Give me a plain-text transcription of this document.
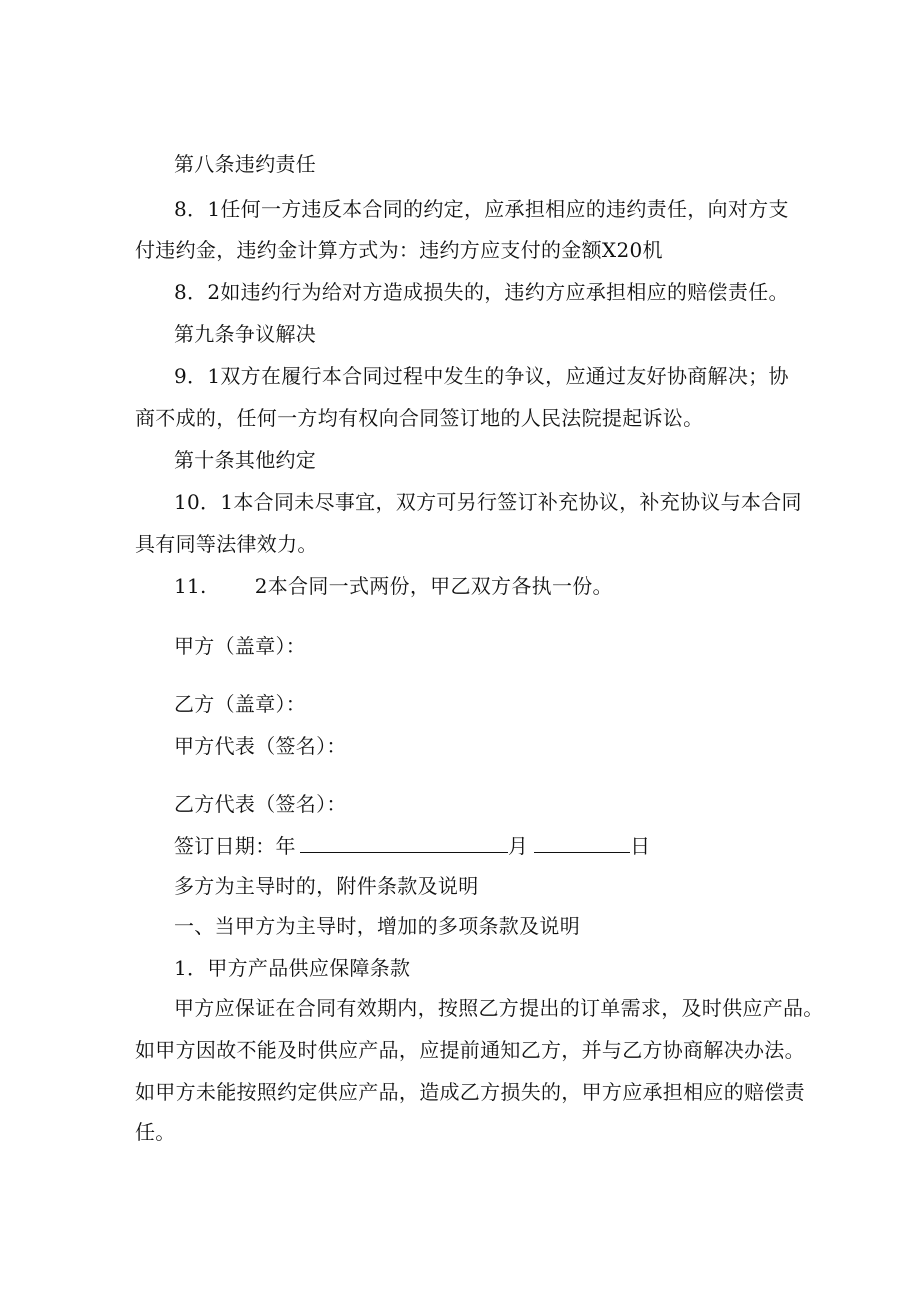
第八条违约责任
8．1任何一方违反本合同的约定，应承担相应的违约责任，向对方支
付违约金，违约金计算方式为：违约方应支付的金额X20机
8．2如违约行为给对方造成损失的，违约方应承担相应的赔偿责任。
第九条争议解决
9．1双方在履行本合同过程中发生的争议，应通过友好协商解决；协
商不成的，任何一方均有权向合同签订地的人民法院提起诉讼。
第十条其他约定
10．1本合同未尽事宜，双方可另行签订补充协议，补充协议与本合同
具有同等法律效力。
11. 2本合同一式两份，甲乙双方各执一份。
甲方（盖章）：
乙方（盖章）：
甲方代表（签名）：
乙方代表（签名）：
签订日期：年	月	日
多方为主导时的，附件条款及说明
一、当甲方为主导时，增加的多项条款及说明
1．甲方产品供应保障条款
甲方应保证在合同有效期内，按照乙方提出的订单需求，及时供应产品。
如甲方因故不能及时供应产品，应提前通知乙方，并与乙方协商解决办法。
如甲方未能按照约定供应产品，造成乙方损失的，甲方应承担相应的赔偿责
任。
